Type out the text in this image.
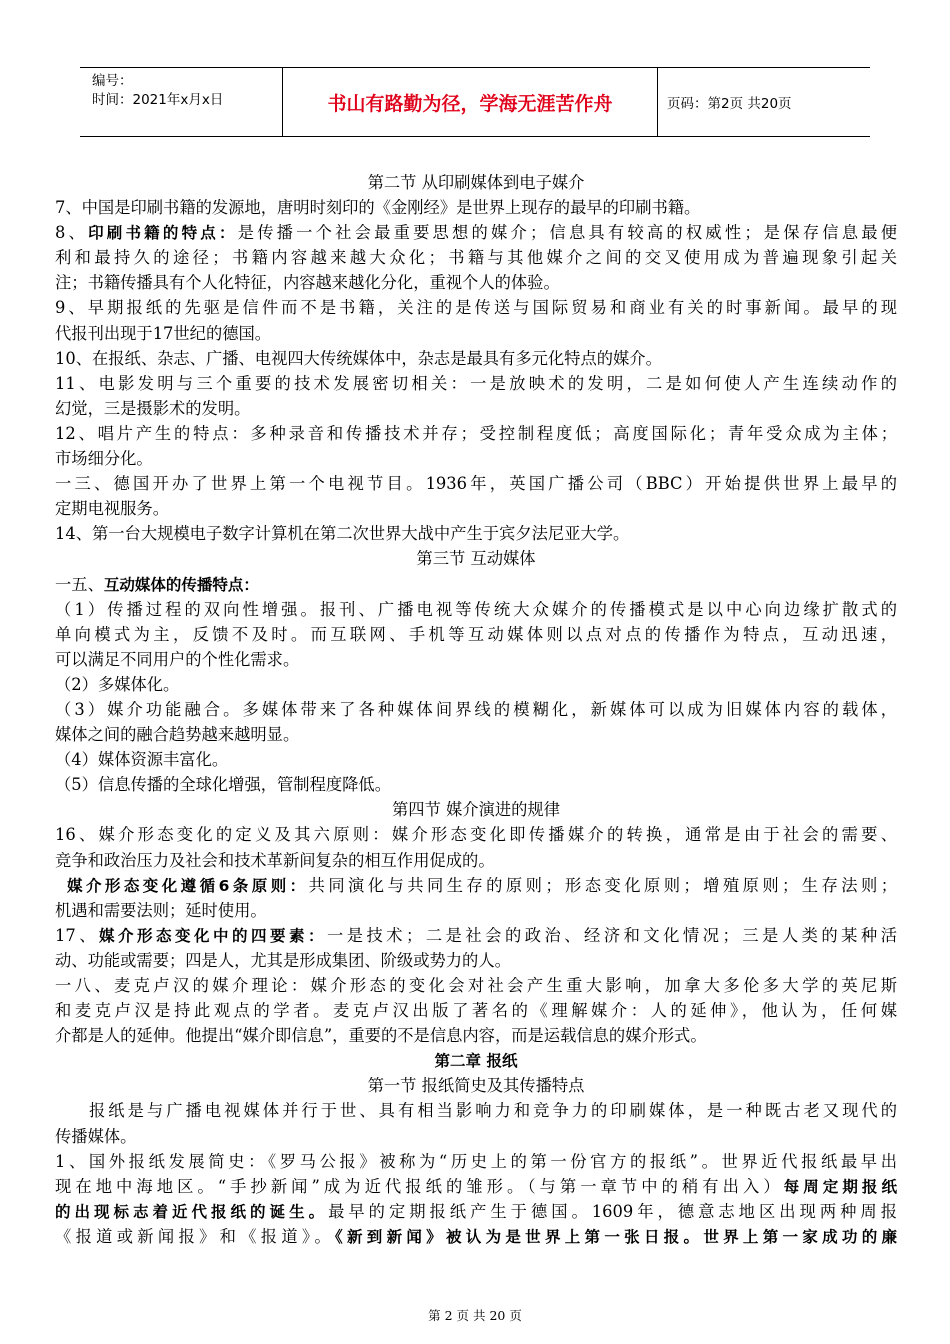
编号：
时间：2021年x月x日	书山有路勤为径，学海无涯苦作舟	页码：第2页 共20页
第二节 从印刷媒体到电子媒介
7、中国是印刷书籍的发源地，唐明时刻印的《金刚经》是世界上现存的最早的印刷书籍。
8、印刷书籍的特点：是传播一个社会最重要思想的媒介；信息具有较高的权威性；是保存信息最便
利和最持久的途径；书籍内容越来越大众化；书籍与其他媒介之间的交叉使用成为普遍现象引起关
注；书籍传播具有个人化特征，内容越来越化分化，重视个人的体验。
9、早期报纸的先驱是信件而不是书籍，关注的是传送与国际贸易和商业有关的时事新闻。最早的现
代报刊出现于17世纪的德国。
10、在报纸、杂志、广播、电视四大传统媒体中，杂志是最具有多元化特点的媒介。
11、电影发明与三个重要的技术发展密切相关：一是放映术的发明，二是如何使人产生连续动作的
幻觉，三是摄影术的发明。
12、唱片产生的特点：多种录音和传播技术并存；受控制程度低；高度国际化；青年受众成为主体；
市场细分化。
一三、德国开办了世界上第一个电视节目。1936年，英国广播公司（BBC）开始提供世界上最早的
定期电视服务。
14、第一台大规模电子数字计算机在第二次世界大战中产生于宾夕法尼亚大学。
第三节 互动媒体
一五、互动媒体的传播特点：
（1）传播过程的双向性增强。报刊、广播电视等传统大众媒介的传播模式是以中心向边缘扩散式的
单向模式为主，反馈不及时。而互联网、手机等互动媒体则以点对点的传播作为特点，互动迅速，
可以满足不同用户的个性化需求。
（2）多媒体化。
（3）媒介功能融合。多媒体带来了各种媒体间界线的模糊化，新媒体可以成为旧媒体内容的载体，
媒体之间的融合趋势越来越明显。
（4）媒体资源丰富化。
（5）信息传播的全球化增强，管制程度降低。
第四节 媒介演进的规律
16、媒介形态变化的定义及其六原则：媒介形态变化即传播媒介的转换，通常是由于社会的需要、
竞争和政治压力及社会和技术革新间复杂的相互作用促成的。
媒介形态变化遵循6条原则：共同演化与共同生存的原则；形态变化原则；增殖原则；生存法则；
机遇和需要法则；延时使用。
17、媒介形态变化中的四要素：一是技术；二是社会的政治、经济和文化情况；三是人类的某种活
动、功能或需要；四是人，尤其是形成集团、阶级或势力的人。
一八、麦克卢汉的媒介理论：媒介形态的变化会对社会产生重大影响，加拿大多伦多大学的英尼斯
和麦克卢汉是持此观点的学者。麦克卢汉出版了著名的《理解媒介：人的延伸》，他认为，任何媒
介都是人的延伸。他提出“媒介即信息”，重要的不是信息内容，而是运载信息的媒介形式。
第二章 报纸
第一节 报纸简史及其传播特点
报纸是与广播电视媒体并行于世、具有相当影响力和竞争力的印刷媒体，是一种既古老又现代的
传播媒体。
1、国外报纸发展简史：《罗马公报》被称为“历史上的第一份官方的报纸”。世界近代报纸最早出
现在地中海地区。“手抄新闻”成为近代报纸的雏形。（与第一章节中的稍有出入）每周定期报纸
的出现标志着近代报纸的诞生。最早的定期报纸产生于德国。1609年，德意志地区出现两种周报
《报道或新闻报》和《报道》。《新到新闻》被认为是世界上第一张日报。世界上第一家成功的廉
第 2 页 共 20 页
